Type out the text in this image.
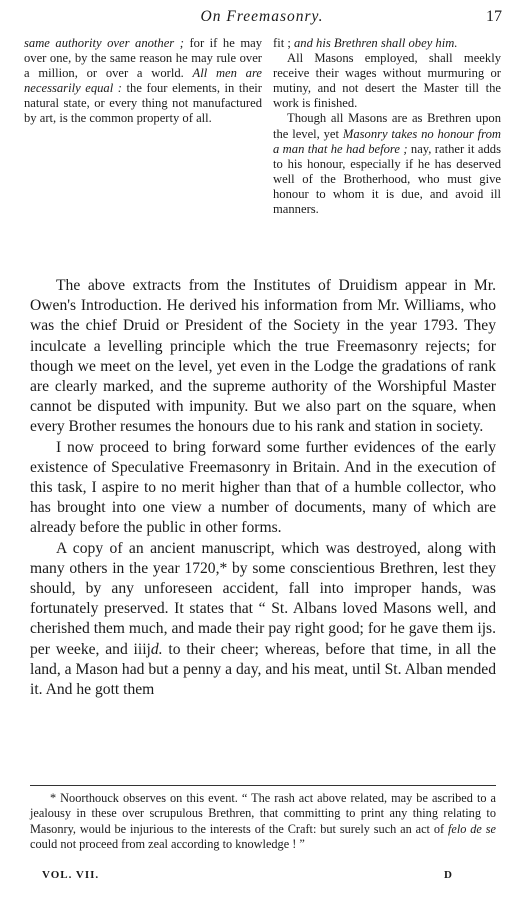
On Freemasonry.	17

same authority over another ; for if he may over one, by the same reason he may rule over a million, or over a world. All men are necessarily equal : the four elements, in their natural state, or every thing not manufactured by art, is the common property of all.

fit ; and his Brethren shall obey him.

All Masons employed, shall meekly receive their wages without murmuring or mutiny, and not desert the Master till the work is finished.

Though all Masons are as Brethren upon the level, yet Masonry takes no honour from a man that he had before ; nay, rather it adds to his honour, especially if he has deserved well of the Brotherhood, who must give honour to whom it is due, and avoid ill manners.

The above extracts from the Institutes of Druidism appear in Mr. Owen's Introduction. He derived his information from Mr. Williams, who was the chief Druid or President of the Society in the year 1793. They inculcate a levelling principle which the true Freemasonry rejects; for though we meet on the level, yet even in the Lodge the gradations of rank are clearly marked, and the supreme authority of the Worshipful Master cannot be disputed with impunity. But we also part on the square, when every Brother resumes the honours due to his rank and station in society.

I now proceed to bring forward some further evidences of the early existence of Speculative Freemasonry in Britain. And in the execution of this task, I aspire to no merit higher than that of a humble collector, who has brought into one view a number of documents, many of which are already before the public in other forms.

A copy of an ancient manuscript, which was destroyed, along with many others in the year 1720,* by some conscientious Brethren, lest they should, by any unforeseen accident, fall into improper hands, was fortunately preserved. It states that “ St. Albans loved Masons well, and cherished them much, and made their pay right good; for he gave them ijs. per weeke, and iiijd. to their cheer; whereas, before that time, in all the land, a Mason had but a penny a day, and his meat, until St. Alban mended it. And he gott them

* Noorthouck observes on this event. “ The rash act above related, may be ascribed to a jealousy in these over scrupulous Brethren, that committing to print any thing relating to Masonry, would be injurious to the interests of the Craft: but surely such an act of felo de se could not proceed from zeal according to knowledge ! ”

VOL. VII.	D
